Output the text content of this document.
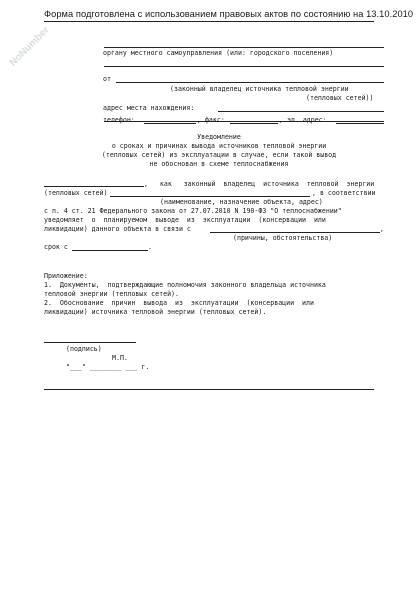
NoNumber
Форма подготовлена с использованием правовых актов по состоянию на 13.10.2010
органу местного самоуправления (или: городского поселения)
от
(законный владелец источника тепловой энергии
(тепловых сетей))
адрес места нахождения:
телефон:	, факс:	, эл. адрес:
Уведомление
о сроках и причинах вывода источников тепловой энергии
(тепловых сетей) из эксплуатации в случае, если такой вывод
не обоснован в схеме теплоснабжения
,   как   законный  владелец  источника  тепловой  энергии
(тепловых сетей)	, в соответствии
(наименование, назначение объекта, адрес)
с п. 4 ст. 21 Федерального закона от 27.07.2010 N 190-ФЗ "О теплоснабжении"
уведомляет  о  планируемом  выводе  из  эксплуатации  (консервации  или
ликвидации) данного объекта в связи с	,
(причины, обстоятельства)
срок с	.
Приложение:
1.  Документы,  подтверждающие полномочия законного владельца источника
тепловой энергии (тепловых сетей).
2.  Обоснование  причин  вывода  из  эксплуатации  (консервации  или
ликвидации) источника тепловой энергии (тепловых сетей).
(подпись)
М.П.
"___" ________ ___ г.
